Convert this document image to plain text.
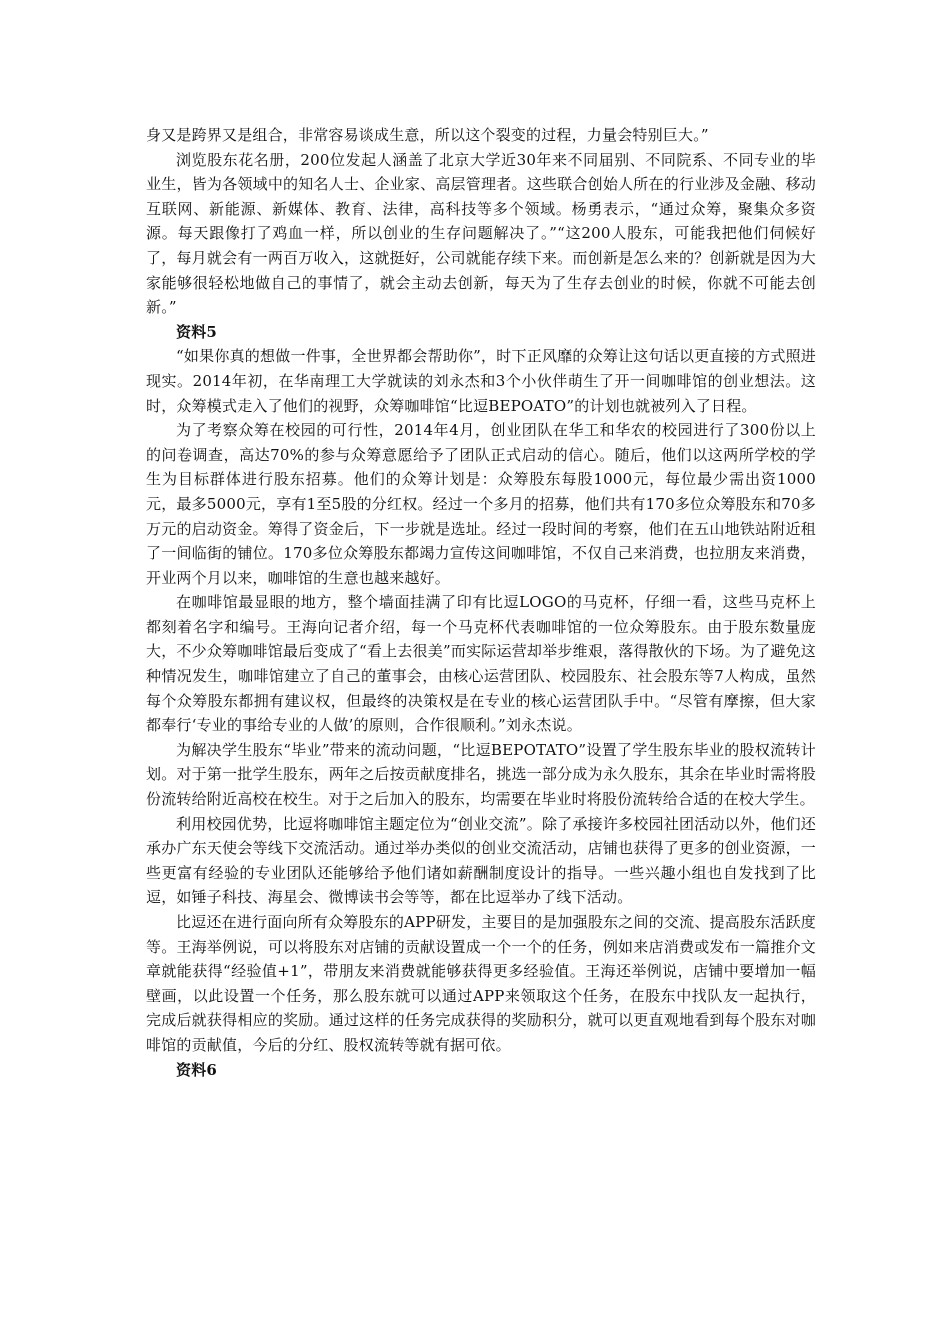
身又是跨界又是组合，非常容易谈成生意，所以这个裂变的过程，力量会特别巨大。”

浏览股东花名册，200位发起人涵盖了北京大学近30年来不同届别、不同院系、不同专业的毕业生，皆为各领域中的知名人士、企业家、高层管理者。这些联合创始人所在的行业涉及金融、移动互联网、新能源、新媒体、教育、法律，高科技等多个领域。杨勇表示，“通过众筹，聚集众多资源。每天跟像打了鸡血一样，所以创业的生存问题解决了。”“这200人股东，可能我把他们伺候好了，每月就会有一两百万收入，这就挺好，公司就能存续下来。而创新是怎么来的？创新就是因为大家能够很轻松地做自己的事情了，就会主动去创新，每天为了生存去创业的时候，你就不可能去创新。”

资料5

“如果你真的想做一件事，全世界都会帮助你”，时下正风靡的众筹让这句话以更直接的方式照进现实。2014年初，在华南理工大学就读的刘永杰和3个小伙伴萌生了开一间咖啡馆的创业想法。这时，众筹模式走入了他们的视野，众筹咖啡馆“比逗BEPOATO”的计划也就被列入了日程。

为了考察众筹在校园的可行性，2014年4月，创业团队在华工和华农的校园进行了300份以上的问卷调查，高达70%的参与众筹意愿给予了团队正式启动的信心。随后，他们以这两所学校的学生为目标群体进行股东招募。他们的众筹计划是：众筹股东每股1000元，每位最少需出资1000元，最多5000元，享有1至5股的分红权。经过一个多月的招募，他们共有170多位众筹股东和70多万元的启动资金。筹得了资金后，下一步就是选址。经过一段时间的考察，他们在五山地铁站附近租了一间临街的铺位。170多位众筹股东都竭力宣传这间咖啡馆，不仅自己来消费，也拉朋友来消费，开业两个月以来，咖啡馆的生意也越来越好。

在咖啡馆最显眼的地方，整个墙面挂满了印有比逗LOGO的马克杯，仔细一看，这些马克杯上都刻着名字和编号。王海向记者介绍，每一个马克杯代表咖啡馆的一位众筹股东。由于股东数量庞大，不少众筹咖啡馆最后变成了“看上去很美”而实际运营却举步维艰，落得散伙的下场。为了避免这种情况发生，咖啡馆建立了自己的董事会，由核心运营团队、校园股东、社会股东等7人构成，虽然每个众筹股东都拥有建议权，但最终的决策权是在专业的核心运营团队手中。“尽管有摩擦，但大家都奉行‘专业的事给专业的人做’的原则，合作很顺利。”刘永杰说。

为解决学生股东“毕业”带来的流动问题，“比逗BEPOTATO”设置了学生股东毕业的股权流转计划。对于第一批学生股东，两年之后按贡献度排名，挑选一部分成为永久股东，其余在毕业时需将股份流转给附近高校在校生。对于之后加入的股东，均需要在毕业时将股份流转给合适的在校大学生。

利用校园优势，比逗将咖啡馆主题定位为“创业交流”。除了承接许多校园社团活动以外，他们还承办广东天使会等线下交流活动。通过举办类似的创业交流活动，店铺也获得了更多的创业资源，一些更富有经验的专业团队还能够给予他们诸如薪酬制度设计的指导。一些兴趣小组也自发找到了比逗，如锤子科技、海星会、微博读书会等等，都在比逗举办了线下活动。

比逗还在进行面向所有众筹股东的APP研发，主要目的是加强股东之间的交流、提高股东活跃度等。王海举例说，可以将股东对店铺的贡献设置成一个一个的任务，例如来店消费或发布一篇推介文章就能获得“经验值+1”，带朋友来消费就能够获得更多经验值。王海还举例说，店铺中要增加一幅壁画，以此设置一个任务，那么股东就可以通过APP来领取这个任务，在股东中找队友一起执行，完成后就获得相应的奖励。通过这样的任务完成获得的奖励积分，就可以更直观地看到每个股东对咖啡馆的贡献值，今后的分红、股权流转等就有据可依。

资料6
